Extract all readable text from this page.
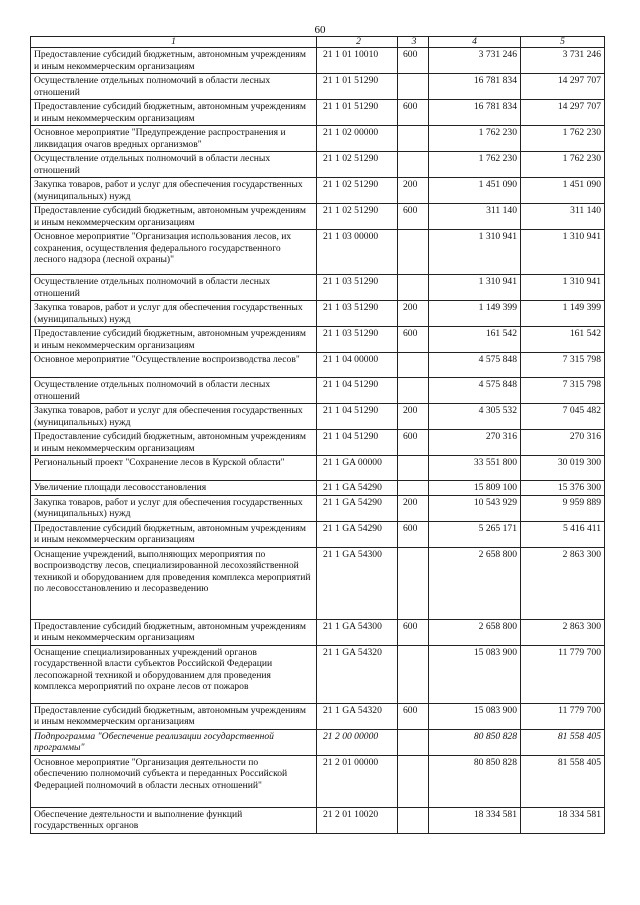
60
1	2	3	4	5
Предоставление субсидий бюджетным, автономным учреждениям и иным некоммерческим организациям	21 1 01 10010	600	3 731 246	3 731 246
Осуществление отдельных полномочий в области лесных отношений	21 1 01 51290		16 781 834	14 297 707
Предоставление субсидий бюджетным, автономным учреждениям и иным некоммерческим организациям	21 1 01 51290	600	16 781 834	14 297 707
Основное мероприятие "Предупреждение распространения и ликвидация очагов вредных организмов"	21 1 02 00000		1 762 230	1 762 230
Осуществление отдельных полномочий в области лесных отношений	21 1 02 51290		1 762 230	1 762 230
Закупка товаров, работ и услуг для обеспечения государственных (муниципальных) нужд	21 1 02 51290	200	1 451 090	1 451 090
Предоставление субсидий бюджетным, автономным учреждениям и иным некоммерческим организациям	21 1 02 51290	600	311 140	311 140
Основное мероприятие "Организация использования лесов, их сохранения, осуществления федерального государственного лесного надзора (лесной охраны)"	21 1 03 00000		1 310 941	1 310 941
Осуществление отдельных полномочий в области лесных отношений	21 1 03 51290		1 310 941	1 310 941
Закупка товаров, работ и услуг для обеспечения государственных (муниципальных) нужд	21 1 03 51290	200	1 149 399	1 149 399
Предоставление субсидий бюджетным, автономным учреждениям и иным некоммерческим организациям	21 1 03 51290	600	161 542	161 542
Основное мероприятие "Осуществление воспроизводства лесов"	21 1 04 00000		4 575 848	7 315 798
Осуществление отдельных полномочий в области лесных отношений	21 1 04 51290		4 575 848	7 315 798
Закупка товаров, работ и услуг для обеспечения государственных (муниципальных) нужд	21 1 04 51290	200	4 305 532	7 045 482
Предоставление субсидий бюджетным, автономным учреждениям и иным некоммерческим организациям	21 1 04 51290	600	270 316	270 316
Региональный проект "Сохранение лесов в Курской области"	21 1 GA 00000		33 551 800	30 019 300
Увеличение площади лесовосстановления	21 1 GA 54290		15 809 100	15 376 300
Закупка товаров, работ и услуг для обеспечения государственных (муниципальных) нужд	21 1 GA 54290	200	10 543 929	9 959 889
Предоставление субсидий бюджетным, автономным учреждениям и иным некоммерческим организациям	21 1 GA 54290	600	5 265 171	5 416 411
Оснащение учреждений, выполняющих мероприятия по воспроизводству лесов, специализированной лесохозяйственной техникой и оборудованием для проведения комплекса мероприятий по лесовосстановлению и лесоразведению	21 1 GA 54300		2 658 800	2 863 300
Предоставление субсидий бюджетным, автономным учреждениям и иным некоммерческим организациям	21 1 GA 54300	600	2 658 800	2 863 300
Оснащение специализированных учреждений органов государственной власти субъектов Российской Федерации лесопожарной техникой и оборудованием для проведения комплекса мероприятий по охране лесов от пожаров	21 1 GA 54320		15 083 900	11 779 700
Предоставление субсидий бюджетным, автономным учреждениям и иным некоммерческим организациям	21 1 GA 54320	600	15 083 900	11 779 700
Подпрограмма "Обеспечение реализации государственной программы"	21 2 00 00000		80 850 828	81 558 405
Основное мероприятие "Организация деятельности по обеспечению полномочий субъекта и переданных Российской Федерацией полномочий в области лесных отношений"	21 2 01 00000		80 850 828	81 558 405
Обеспечение деятельности и выполнение функций государственных органов	21 2 01 10020		18 334 581	18 334 581
